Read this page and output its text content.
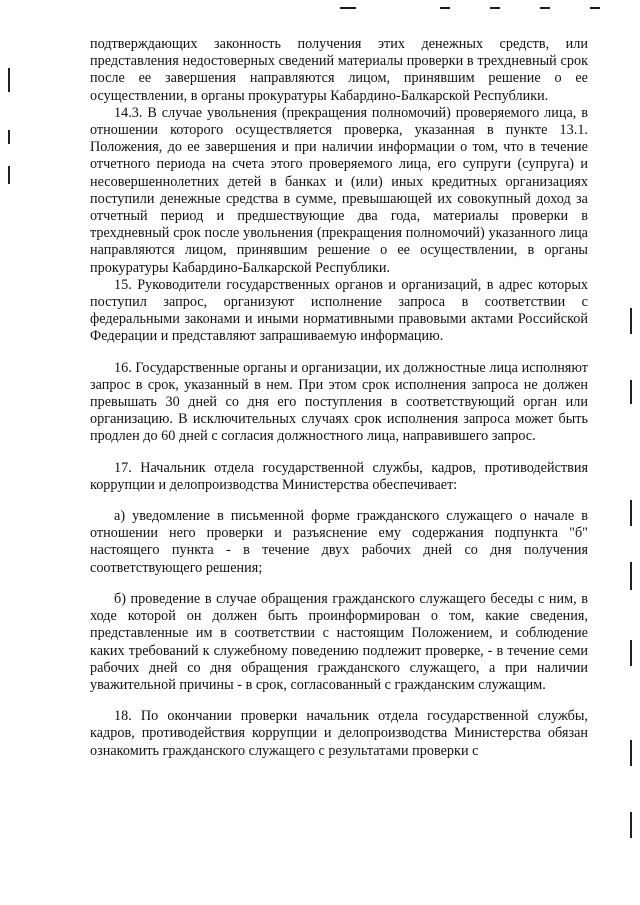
подтверждающих законность получения этих денежных средств, или представления недостоверных сведений материалы проверки в трехдневный срок после ее завершения направляются лицом, принявшим решение о ее осуществлении, в органы прокуратуры Кабардино-Балкарской Республики.

14.3. В случае увольнения (прекращения полномочий) проверяемого лица, в отношении которого осуществляется проверка, указанная в пункте 13.1. Положения, до ее завершения и при наличии информации о том, что в течение отчетного периода на счета этого проверяемого лица, его супруги (супруга) и несовершеннолетних детей в банках и (или) иных кредитных организациях поступили денежные средства в сумме, превышающей их совокупный доход за отчетный период и предшествующие два года, материалы проверки в трехдневный срок после увольнения (прекращения полномочий) указанного лица направляются лицом, принявшим решение о ее осуществлении, в органы прокуратуры Кабардино-Балкарской Республики.

15. Руководители государственных органов и организаций, в адрес которых поступил запрос, организуют исполнение запроса в соответствии с федеральными законами и иными нормативными правовыми актами Российской Федерации и представляют запрашиваемую информацию.

16. Государственные органы и организации, их должностные лица исполняют запрос в срок, указанный в нем. При этом срок исполнения запроса не должен превышать 30 дней со дня его поступления в соответствующий орган или организацию. В исключительных случаях срок исполнения запроса может быть продлен до 60 дней с согласия должностного лица, направившего запрос.

17. Начальник отдела государственной службы, кадров, противодействия коррупции и делопроизводства Министерства обеспечивает:

а) уведомление в письменной форме гражданского служащего о начале в отношении него проверки и разъяснение ему содержания подпункта "б" настоящего пункта - в течение двух рабочих дней со дня получения соответствующего решения;

б) проведение в случае обращения гражданского служащего беседы с ним, в ходе которой он должен быть проинформирован о том, какие сведения, представленные им в соответствии с настоящим Положением, и соблюдение каких требований к служебному поведению подлежит проверке, - в течение семи рабочих дней со дня обращения гражданского служащего, а при наличии уважительной причины - в срок, согласованный с гражданским служащим.

18. По окончании проверки начальник отдела государственной службы, кадров, противодействия коррупции и делопроизводства Министерства обязан ознакомить гражданского служащего с результатами проверки с
